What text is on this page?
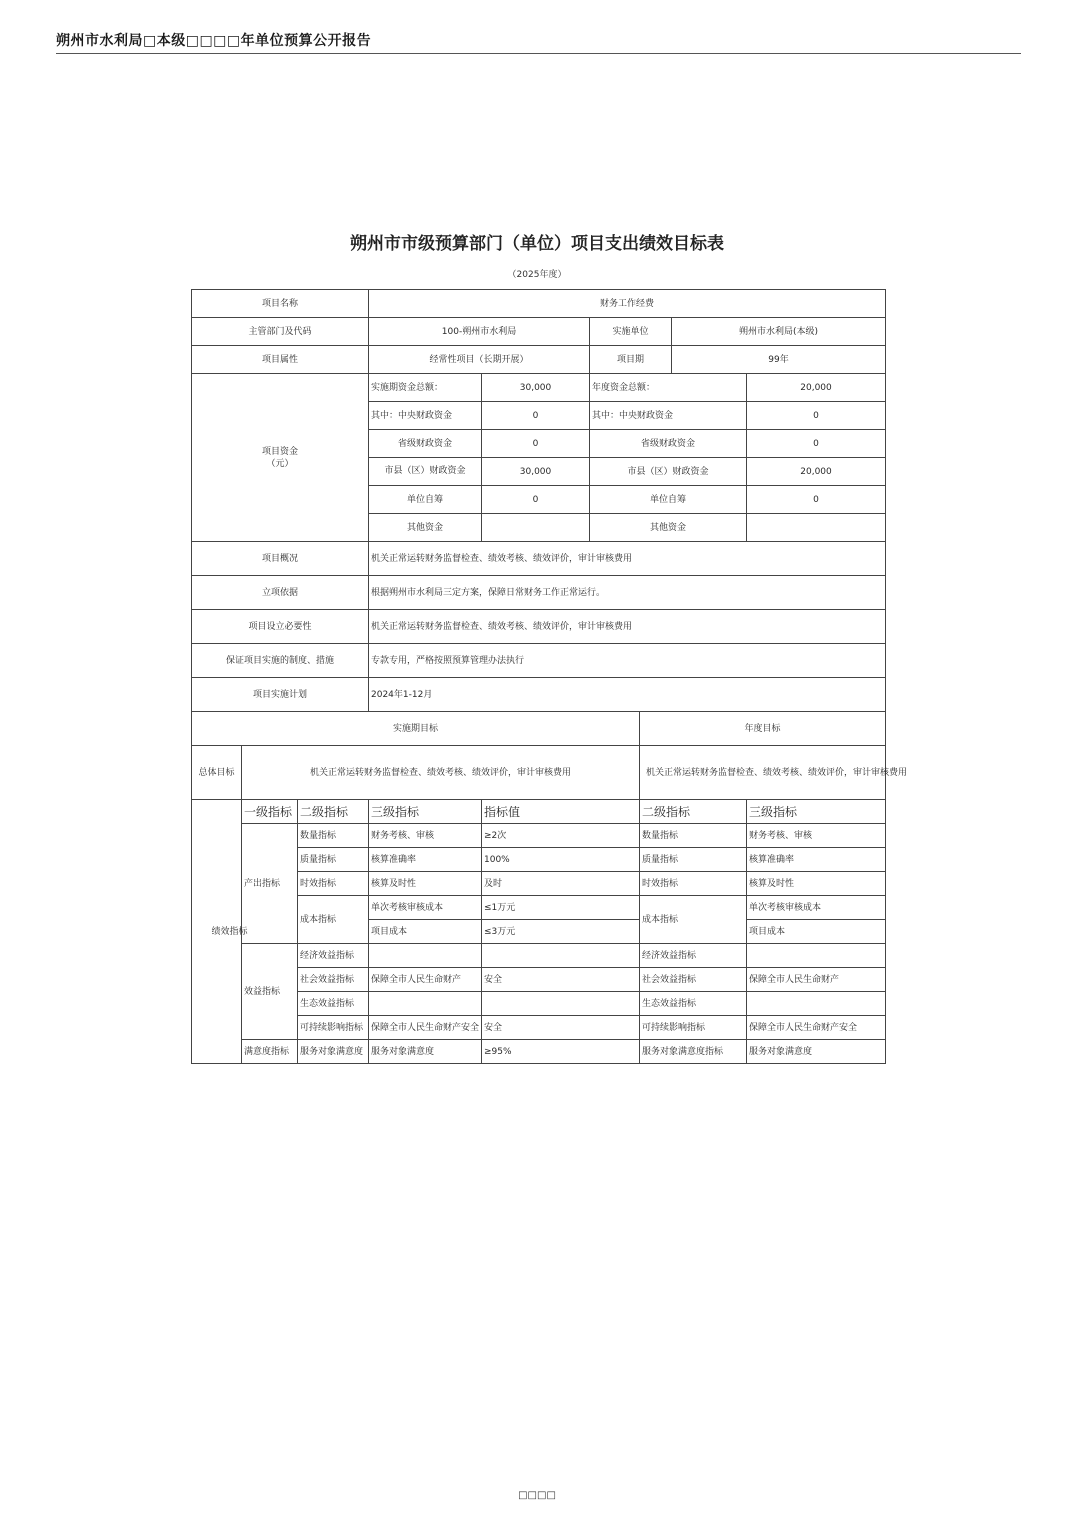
朔州市水利局□本级□□□□年单位预算公开报告
朔州市市级预算部门（单位）项目支出绩效目标表
（2025年度）
项目名称			财务工作经费						
主管部门及代码			100-朔州市水利局		实施单位		朔州市水利局(本级)		
项目属性			经常性项目（长期开展）		项目期		99年		
项目资金
（元）			实施期资金总额：	30,000	年度资金总额：			20,000	
			其中：中央财政资金	0	其中：中央财政资金			0	
			省级财政资金	0	省级财政资金			0	
			市县（区）财政资金	30,000	市县（区）财政资金			20,000	
			单位自筹	0	单位自筹			0	
			其他资金		其他资金				
项目概况			机关正常运转财务监督检查、绩效考核、绩效评价，审计审核费用						
立项依据			根据朔州市水利局三定方案，保障日常财务工作正常运行。						
项目设立必要性			机关正常运转财务监督检查、绩效考核、绩效评价，审计审核费用						
保证项目实施的制度、措施			专款专用，严格按照预算管理办法执行						
项目实施计划			2024年1-12月						
实施期目标						年度目标			
总体目标	机关正常运转财务监督检查、绩效考核、绩效评价，审计审核费用					机关正常运转财务监督检查、绩效考核、绩效评价，审计审核费用			
绩效指标	一级指标	二级指标	三级指标	指标值		二级指标		三级指标	
	产出指标	数量指标	财务考核、审核	≥2次		数量指标		财务考核、审核	
		质量指标	核算准确率	100%		质量指标		核算准确率	
		时效指标	核算及时性	及时		时效指标		核算及时性	
		成本指标	单次考核审核成本	≤1万元		成本指标		单次考核审核成本	
			项目成本	≤3万元				项目成本	
	效益指标	经济效益指标				经济效益指标			
		社会效益指标	保障全市人民生命财产	安全		社会效益指标		保障全市人民生命财产	
		生态效益指标				生态效益指标			
		可持续影响指标	保障全市人民生命财产安全	安全		可持续影响指标		保障全市人民生命财产安全	
	满意度指标	服务对象满意度	服务对象满意度	≥95%		服务对象满意度指标		服务对象满意度	
□□□□
